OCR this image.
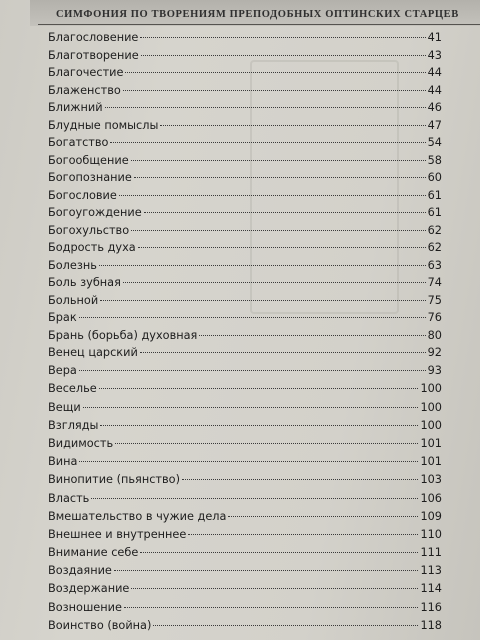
СИМФОНИЯ ПО ТВОРЕНИЯМ ПРЕПОДОБНЫХ ОПТИНСКИХ СТАРЦЕВ
Благословение	41
Благотворение	43
Благочестие	44
Блаженство	44
Ближний	46
Блудные помыслы	47
Богатство	54
Богообщение	58
Богопознание	60
Богословие	61
Богоугождение	61
Богохульство	62
Бодрость духа	62
Болезнь	63
Боль зубная	74
Больной	75
Брак	76
Брань (борьба) духовная	80
Венец царский	92
Вера	93
Веселье	100
Вещи	100
Взгляды	100
Видимость	101
Вина	101
Винопитие (пьянство)	103
Власть	106
Вмешательство в чужие дела	109
Внешнее и внутреннее	110
Внимание себе	111
Воздаяние	113
Воздержание	114
Возношение	116
Воинство (война)	118
